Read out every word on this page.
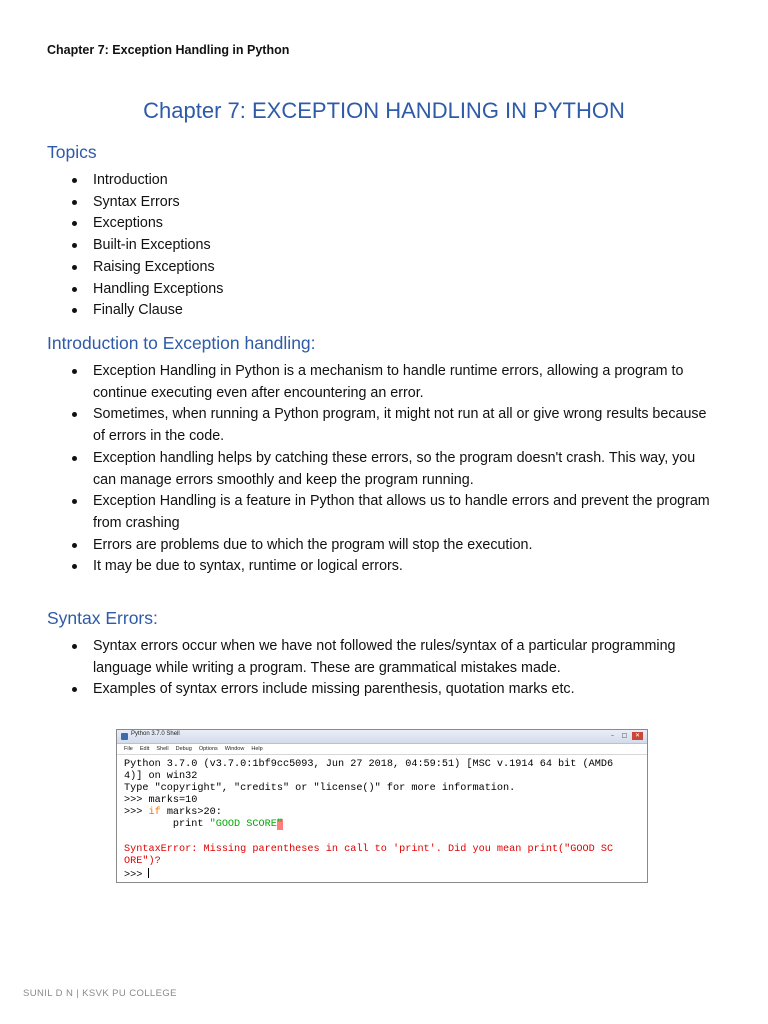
Chapter 7: Exception Handling in Python
Chapter 7: EXCEPTION HANDLING IN PYTHON
Topics
Introduction
Syntax Errors
Exceptions
Built-in Exceptions
Raising Exceptions
Handling Exceptions
Finally Clause
Introduction to Exception handling:
Exception Handling in Python is a mechanism to handle runtime errors, allowing a program to continue executing even after encountering an error.
Sometimes, when running a Python program, it might not run at all or give wrong results because of errors in the code.
Exception handling helps by catching these errors, so the program doesn't crash. This way, you can manage errors smoothly and keep the program running.
Exception Handling is a feature in Python that allows us to handle errors and prevent the program from crashing
Errors are problems due to which the program will stop the execution.
It may be due to syntax, runtime or logical errors.
Syntax Errors:
Syntax errors occur when we have not followed the rules/syntax of a particular programming language while writing a program. These are grammatical mistakes made.
Examples of syntax errors include missing parenthesis, quotation marks etc.
Python 3.7.0 Shell	–	□	✕
File Edit Shell Debug Options Window Help
Python 3.7.0 (v3.7.0:1bf9cc5093, Jun 27 2018, 04:59:51) [MSC v.1914 64 bit (AMD6
4)] on win32
Type "copyright", "credits" or "license()" for more information.
>>> marks=10
>>> if marks>20:
print "GOOD SCORE"

SyntaxError: Missing parentheses in call to 'print'. Did you mean print("GOOD SC
ORE")?
>>>
SUNIL D N | KSVK PU COLLEGE
